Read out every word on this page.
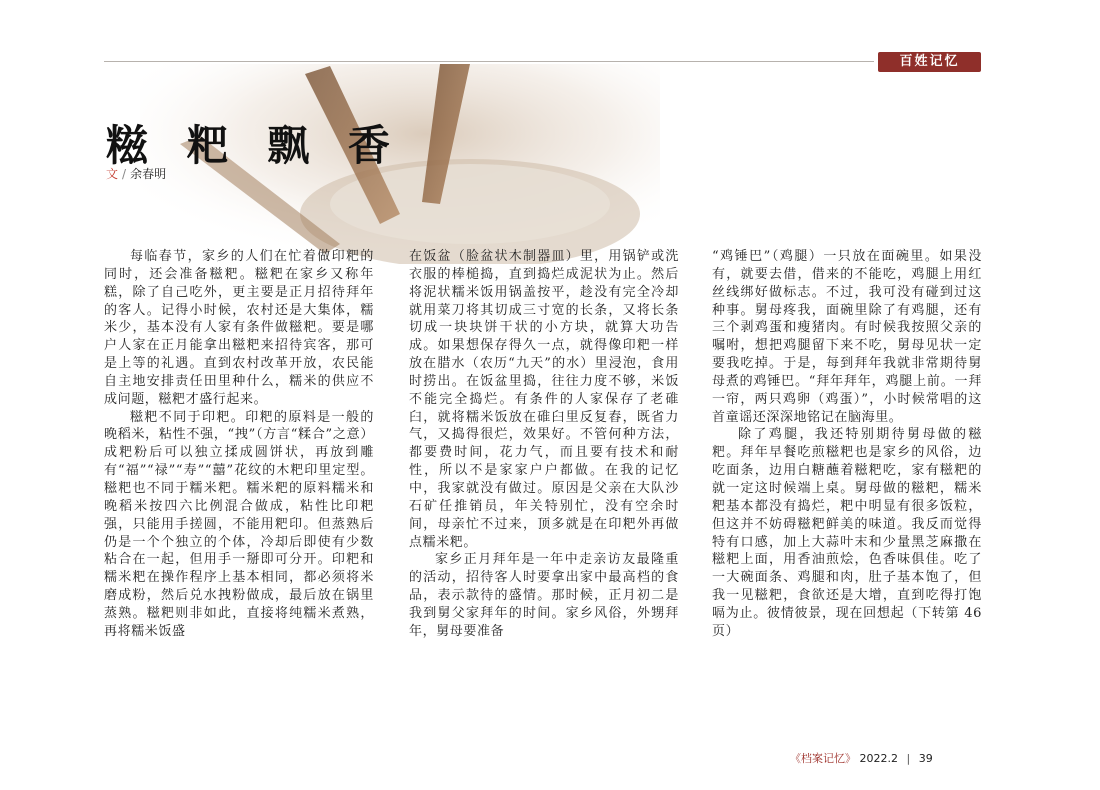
百姓记忆
糍 粑 飘 香
文 / 余春明

每临春节，家乡的人们在忙着做印粑的同时，还会准备糍粑。糍粑在家乡又称年糕，除了自己吃外，更主要是正月招待拜年的客人。记得小时候，农村还是大集体，糯米少，基本没有人家有条件做糍粑。要是哪户人家在正月能拿出糍粑来招待宾客，那可是上等的礼遇。直到农村改革开放，农民能自主地安排责任田里种什么，糯米的供应不成问题，糍粑才盛行起来。

糍粑不同于印粑。印粑的原料是一般的晚稻米，粘性不强，“拽”（方言“糅合”之意）成粑粉后可以独立揉成圆饼状，再放到雕有“福”“禄”“寿”“囍”花纹的木粑印里定型。糍粑也不同于糯米粑。糯米粑的原料糯米和晚稻米按四六比例混合做成，粘性比印粑强，只能用手搓圆，不能用粑印。但蒸熟后仍是一个个独立的个体，冷却后即使有少数粘合在一起，但用手一掰即可分开。印粑和糯米粑在操作程序上基本相同，都必须将米磨成粉，然后兑水拽粉做成，最后放在锅里蒸熟。糍粑则非如此，直接将纯糯米煮熟，再将糯米饭盛

在饭盆（脸盆状木制器皿）里，用锅铲或洗衣服的棒槌捣，直到捣烂成泥状为止。然后将泥状糯米饭用锅盖按平，趁没有完全冷却就用菜刀将其切成三寸宽的长条，又将长条切成一块块饼干状的小方块，就算大功告成。如果想保存得久一点，就得像印粑一样放在腊水（农历“九天”的水）里浸泡，食用时捞出。在饭盆里捣，往往力度不够，米饭不能完全捣烂。有条件的人家保存了老碓臼，就将糯米饭放在碓臼里反复舂，既省力气，又捣得很烂，效果好。不管何种方法，都要费时间，花力气，而且要有技术和耐性，所以不是家家户户都做。在我的记忆中，我家就没有做过。原因是父亲在大队沙石矿任推销员，年关特别忙，没有空余时间，母亲忙不过来，顶多就是在印粑外再做点糯米粑。

家乡正月拜年是一年中走亲访友最隆重的活动，招待客人时要拿出家中最高档的食品，表示款待的盛情。那时候，正月初二是我到舅父家拜年的时间。家乡风俗，外甥拜年，舅母要准备

“鸡锤巴”（鸡腿）一只放在面碗里。如果没有，就要去借，借来的不能吃，鸡腿上用红丝线绑好做标志。不过，我可没有碰到过这种事。舅母疼我，面碗里除了有鸡腿，还有三个剥鸡蛋和瘦猪肉。有时候我按照父亲的嘱咐，想把鸡腿留下来不吃，舅母见状一定要我吃掉。于是，每到拜年我就非常期待舅母煮的鸡锤巴。“拜年拜年，鸡腿上前。一拜一帘，两只鸡卵（鸡蛋）”，小时候常唱的这首童谣还深深地铭记在脑海里。

除了鸡腿，我还特别期待舅母做的糍粑。拜年早餐吃煎糍粑也是家乡的风俗，边吃面条，边用白糖蘸着糍粑吃，家有糍粑的就一定这时候端上桌。舅母做的糍粑，糯米粑基本都没有捣烂，粑中明显有很多饭粒，但这并不妨碍糍粑鲜美的味道。我反而觉得特有口感，加上大蒜叶末和少量黑芝麻撒在糍粑上面，用香油煎烩，色香味俱佳。吃了一大碗面条、鸡腿和肉，肚子基本饱了，但我一见糍粑，食欲还是大增，直到吃得打饱嗝为止。彼情彼景，现在回想起（下转第 46 页）

《档案记忆》 2022.2 | 39
